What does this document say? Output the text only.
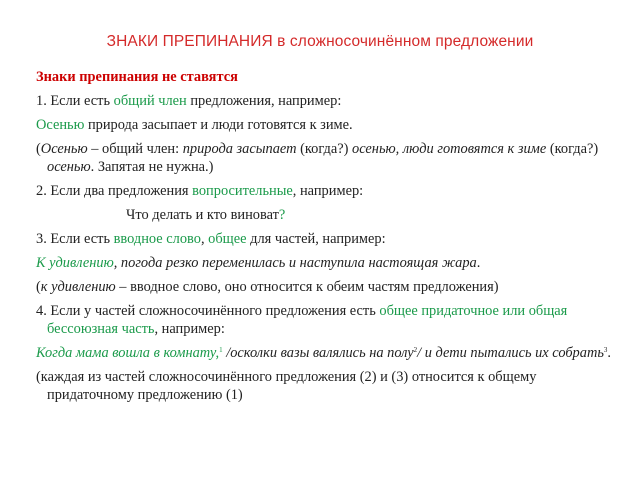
ЗНАКИ ПРЕПИНАНИЯ в сложносочинённом предложении

Знаки препинания не ставятся

1. Если есть общий член предложения, например:

Осенью природа засыпает и люди готовятся к зиме.

(Осенью – общий член: природа засыпает (когда?) осенью, люди готовятся к зиме (когда?) осенью. Запятая не нужна.)

2. Если два предложения вопросительные, например:

Что делать и кто виноват?

3. Если есть вводное слово, общее для частей, например:

К удивлению, погода резко переменилась и наступила настоящая жара.

(к удивлению – вводное слово, оно относится к обеим частям предложения)

4. Если у частей сложносочинённого предложения есть общее придаточное или общая бессоюзная часть, например:

Когда мама вошла в комнату,$^1$ /осколки вазы валялись на полу$^2$/ и дети пытались их собрать$^3$.

(каждая из частей сложносочинённого предложения (2) и (3) относится к общему придаточному предложению (1)
